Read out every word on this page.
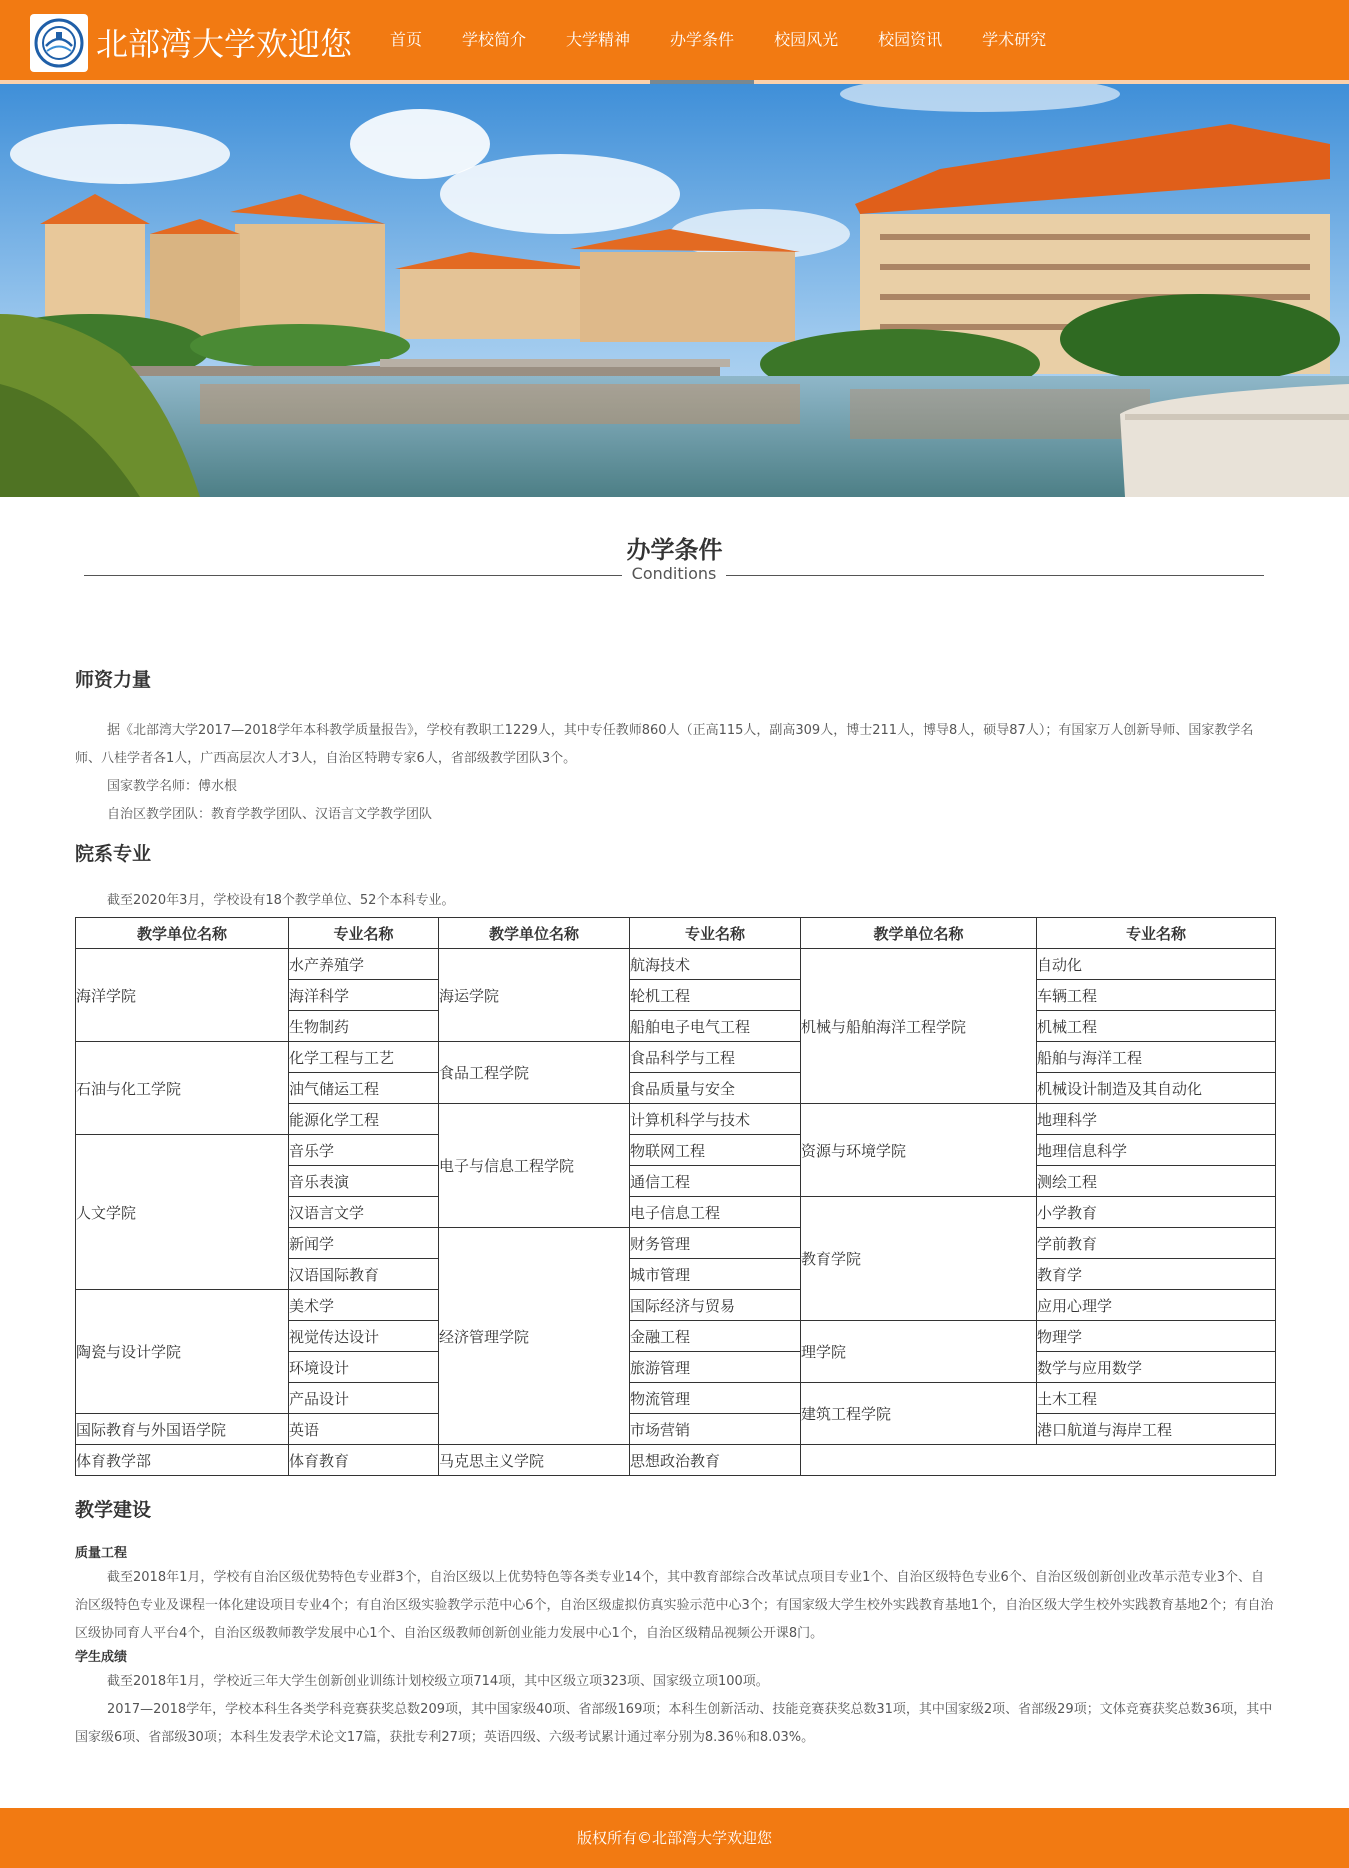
北部湾大学欢迎您	首页	学校简介	大学精神	办学条件	校园风光	校园资讯	学术研究
办学条件
Conditions
师资力量

据《北部湾大学2017—2018学年本科教学质量报告》，学校有教职工1229人，其中专任教师860人（正高115人，副高309人，博士211人，博导8人，硕导87人）；有国家万人创新导师、国家教学名师、八桂学者各1人，广西高层次人才3人，自治区特聘专家6人，省部级教学团队3个。

国家教学名师：傅水根

自治区教学团队：教育学教学团队、汉语言文学教学团队

院系专业

截至2020年3月，学校设有18个教学单位、52个本科专业。

教学单位名称	专业名称	教学单位名称	专业名称	教学单位名称	专业名称
海洋学院	水产养殖学	海运学院	航海技术	机械与船舶海洋工程学院	自动化
	海洋科学		轮机工程		车辆工程
	生物制药		船舶电子电气工程		机械工程
石油与化工学院	化学工程与工艺	食品工程学院	食品科学与工程		船舶与海洋工程
	油气储运工程		食品质量与安全		机械设计制造及其自动化
	能源化学工程	电子与信息工程学院	计算机科学与技术	资源与环境学院	地理科学
人文学院	音乐学		物联网工程		地理信息科学
	音乐表演		通信工程		测绘工程
	汉语言文学		电子信息工程	教育学院	小学教育
	新闻学	经济管理学院	财务管理		学前教育
	汉语国际教育		城市管理		教育学
陶瓷与设计学院	美术学		国际经济与贸易		应用心理学
	视觉传达设计		金融工程	理学院	物理学
	环境设计		旅游管理		数学与应用数学
	产品设计		物流管理	建筑工程学院	土木工程
国际教育与外国语学院	英语		市场营销		港口航道与海岸工程
体育教学部	体育教育	马克思主义学院	思想政治教育		
教学建设

质量工程

截至2018年1月，学校有自治区级优势特色专业群3个，自治区级以上优势特色等各类专业14个，其中教育部综合改革试点项目专业1个、自治区级特色专业6个、自治区级创新创业改革示范专业3个、自治区级特色专业及课程一体化建设项目专业4个；有自治区级实验教学示范中心6个，自治区级虚拟仿真实验示范中心3个；有国家级大学生校外实践教育基地1个，自治区级大学生校外实践教育基地2个；有自治区级协同育人平台4个，自治区级教师教学发展中心1个、自治区级教师创新创业能力发展中心1个，自治区级精品视频公开课8门。

学生成绩

截至2018年1月，学校近三年大学生创新创业训练计划校级立项714项，其中区级立项323项、国家级立项100项。

2017—2018学年，学校本科生各类学科竞赛获奖总数209项，其中国家级40项、省部级169项；本科生创新活动、技能竞赛获奖总数31项，其中国家级2项、省部级29项；文体竞赛获奖总数36项，其中国家级6项、省部级30项；本科生发表学术论文17篇，获批专利27项；英语四级、六级考试累计通过率分别为8.36％和8.03%。

版权所有©北部湾大学欢迎您
